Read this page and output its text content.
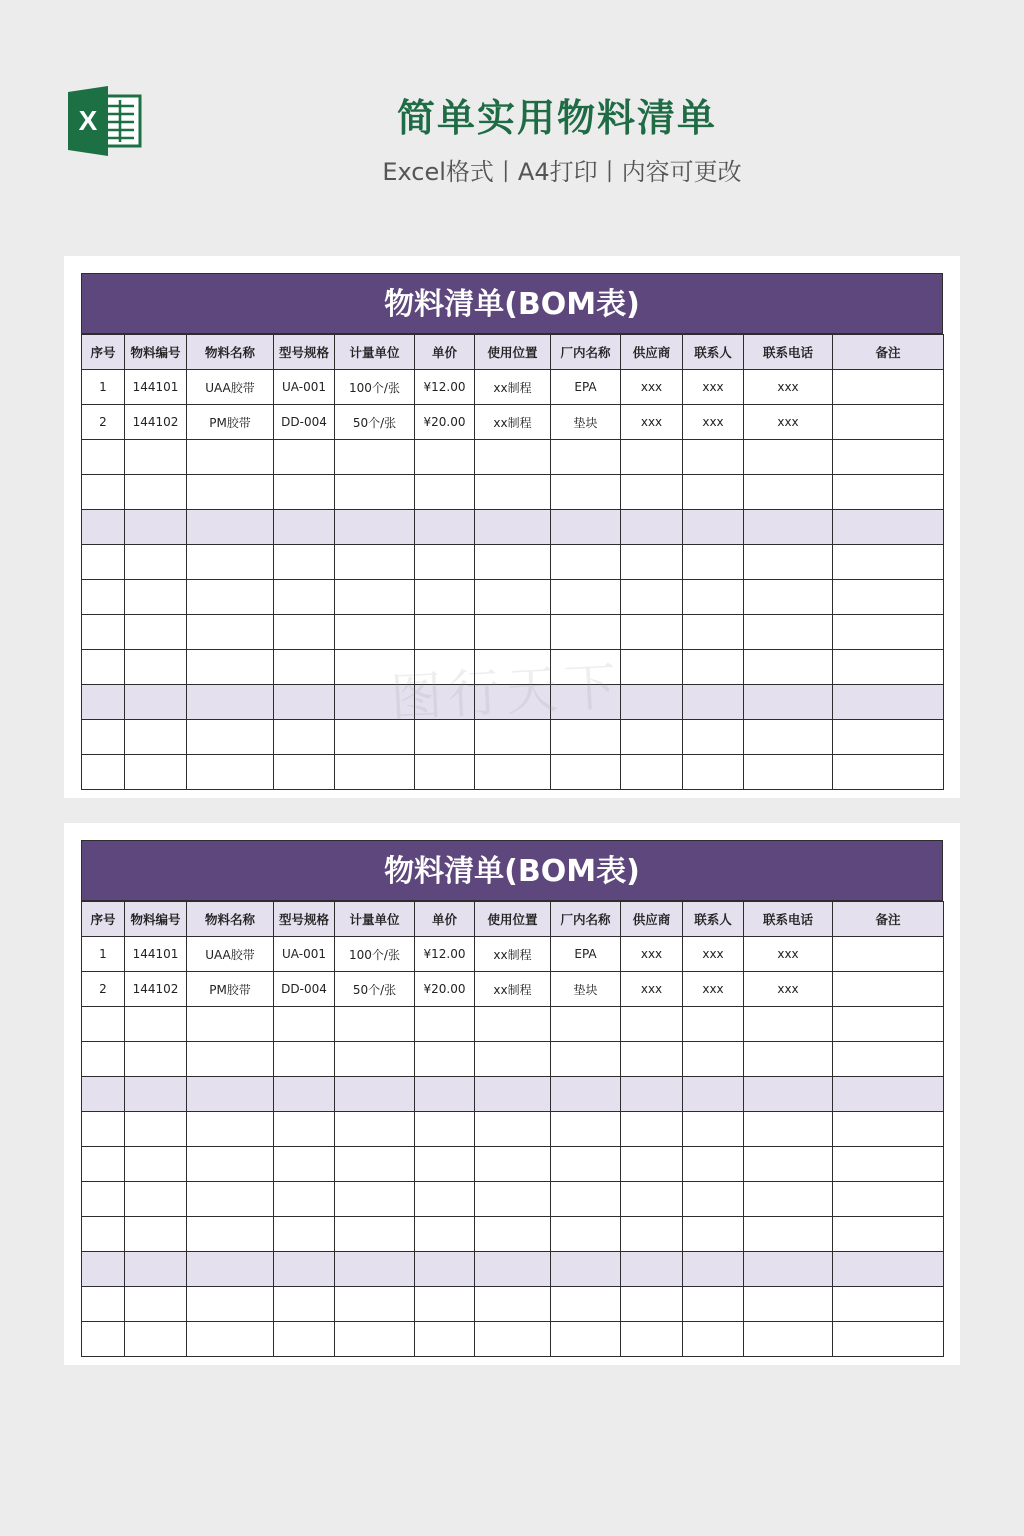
X	简单实用物料清单
Excel格式丨A4打印丨内容可更改
物料清单(BOM表)
序号	物料编号	物料名称	型号规格	计量单位	单价	使用位置	厂内名称	供应商	联系人	联系电话	备注
1	144101	UAA胶带	UA-001	100个/张	¥12.00	xx制程	EPA	xxx	xxx	xxx	
2	144102	PM胶带	DD-004	50个/张	¥20.00	xx制程	垫块	xxx	xxx	xxx	

物料清单(BOM表)
序号	物料编号	物料名称	型号规格	计量单位	单价	使用位置	厂内名称	供应商	联系人	联系电话	备注
1	144101	UAA胶带	UA-001	100个/张	¥12.00	xx制程	EPA	xxx	xxx	xxx	
2	144102	PM胶带	DD-004	50个/张	¥20.00	xx制程	垫块	xxx	xxx	xxx	
